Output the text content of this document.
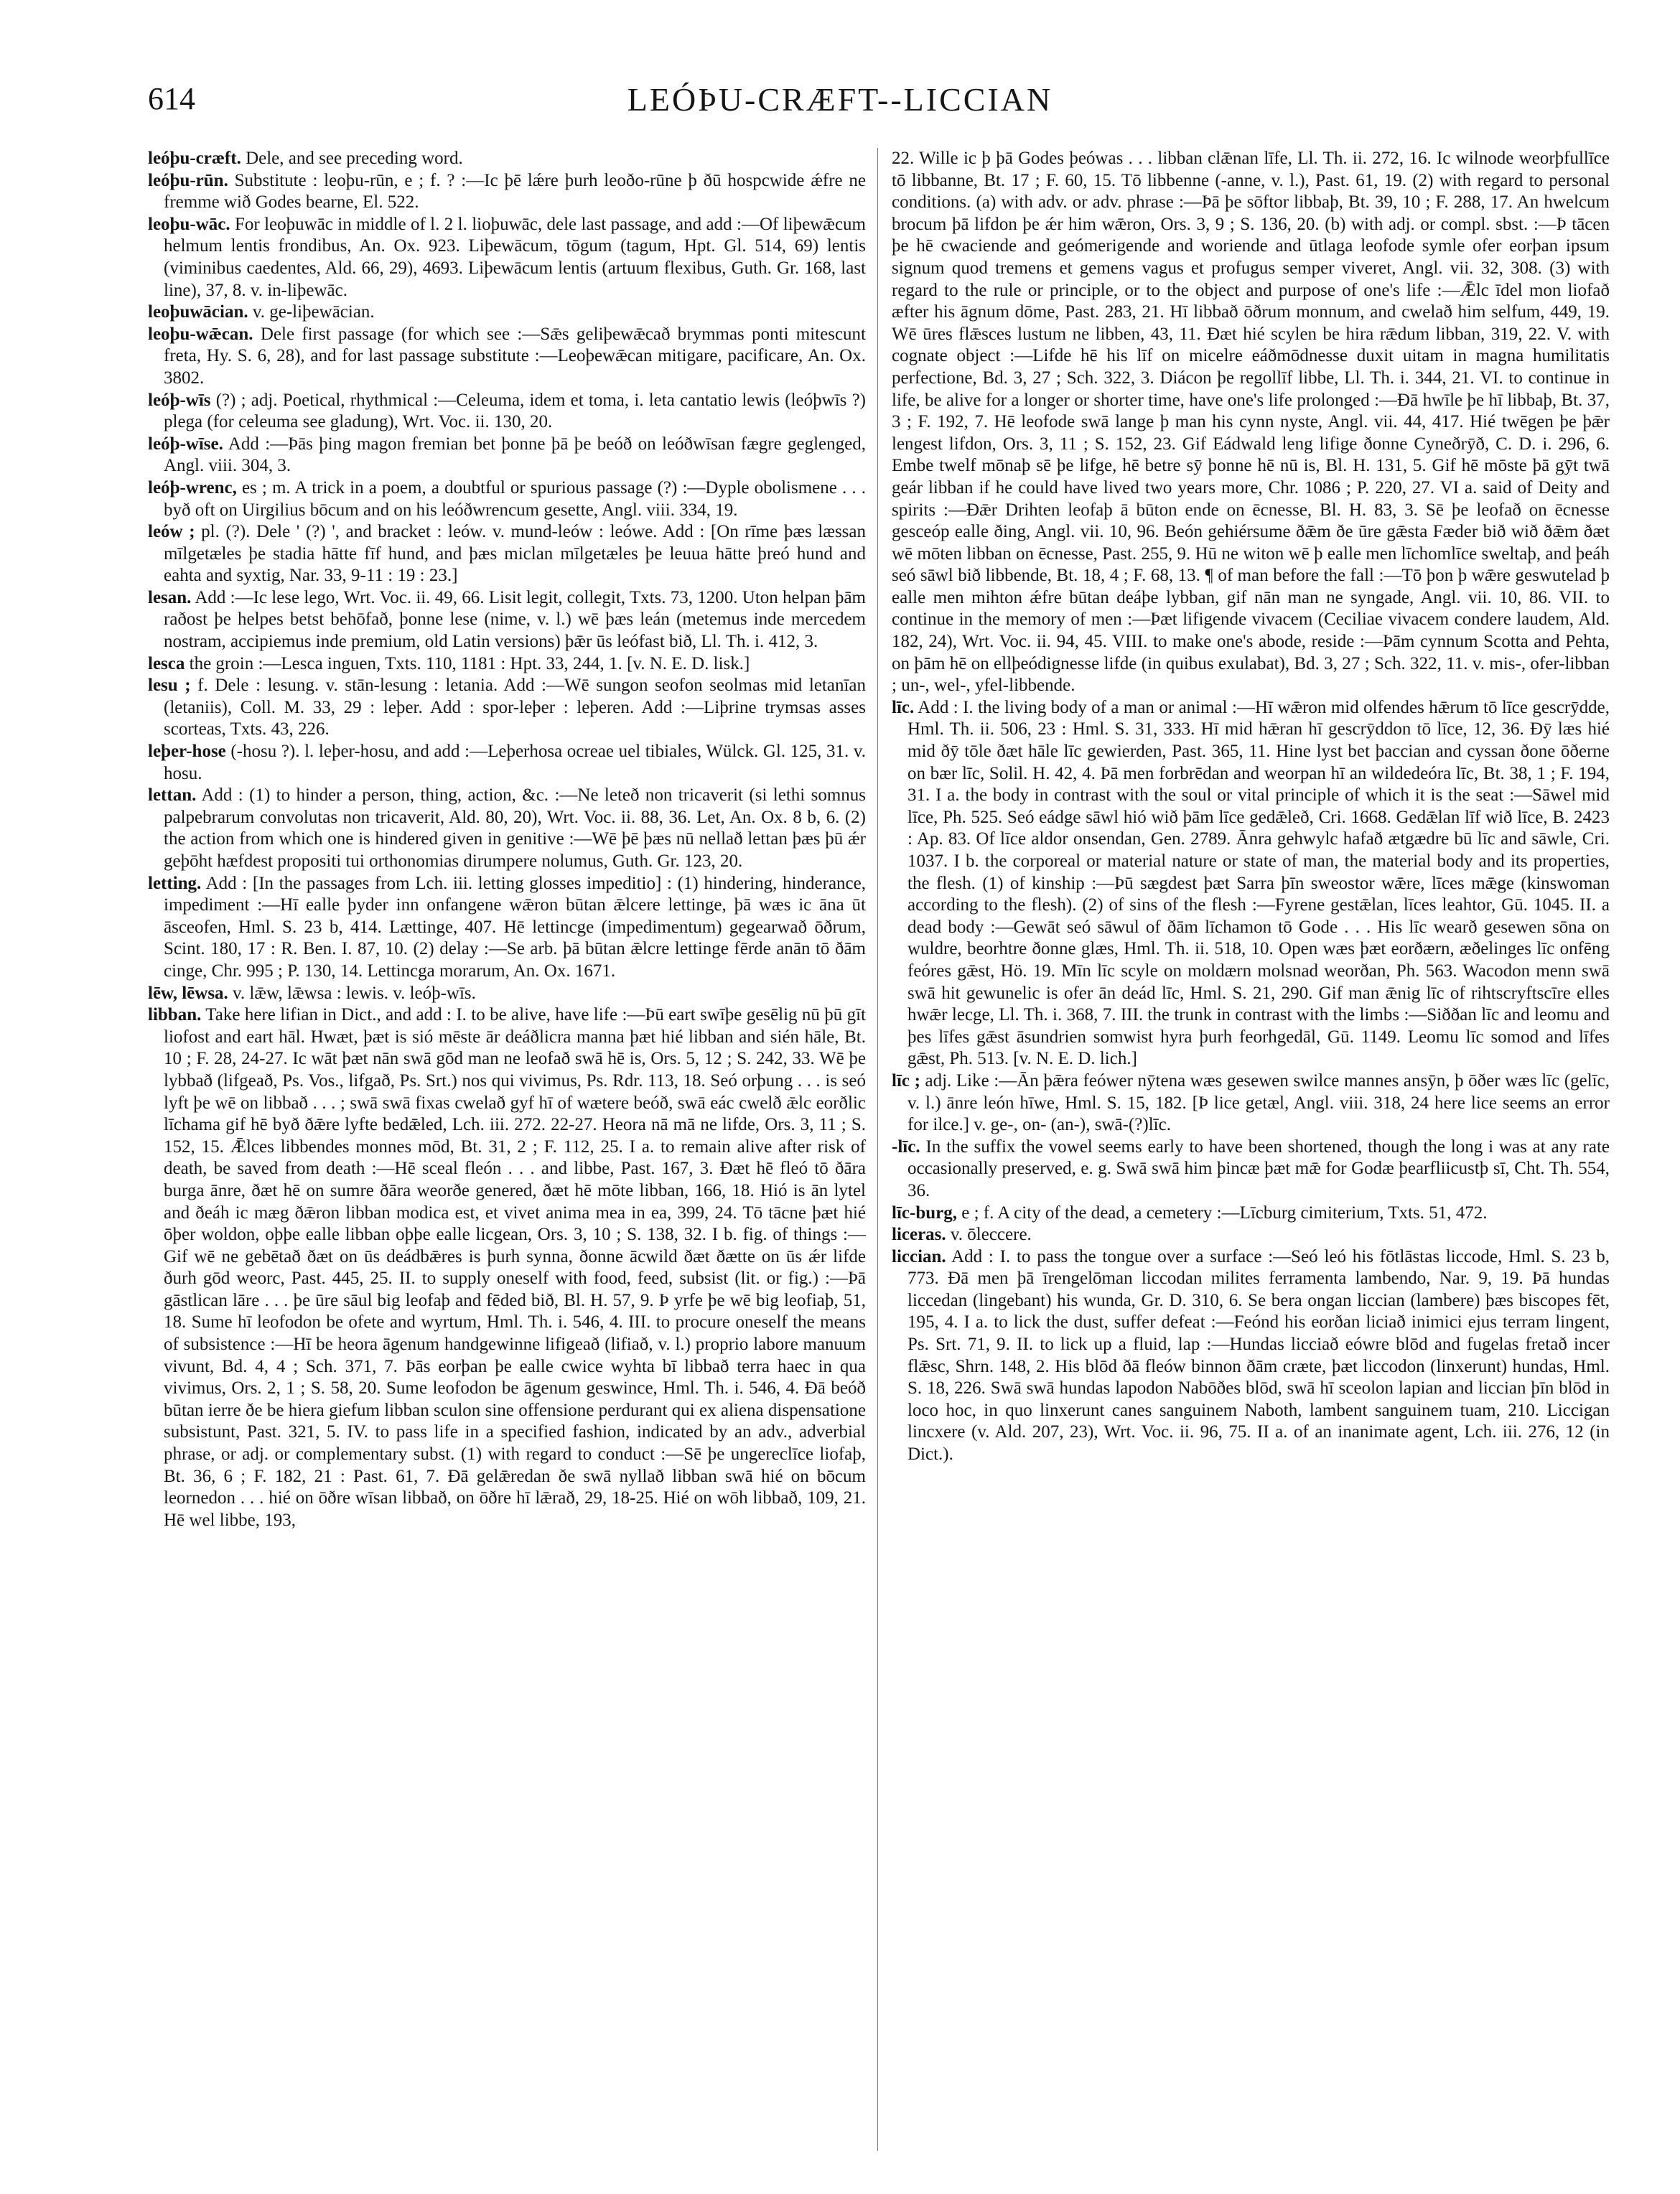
614	LEÓÞU-CRÆFT--LICCIAN

leóþu-cræft. Dele, and see preceding word.

leóþu-rūn. Substitute : leoþu-rūn, e ; f. ? :—Ic þē lǽre þurh leoðo-rūne þ ðū hospcwide ǽfre ne fremme wið Godes bearne, El. 522.

leoþu-wāc. For leoþuwāc in middle of l. 2 l. lioþuwāc, dele last passage, and add :—Of liþewǣcum helmum lentis frondibus, An. Ox. 923. Liþewācum, tōgum (tagum, Hpt. Gl. 514, 69) lentis (viminibus caedentes, Ald. 66, 29), 4693. Liþewācum lentis (artuum flexibus, Guth. Gr. 168, last line), 37, 8. v. in-liþewāc.

leoþuwācian. v. ge-liþewācian.

leoþu-wǣcan. Dele first passage (for which see :—Sǣs geliþewǣcað brymmas ponti mitescunt freta, Hy. S. 6, 28), and for last passage substitute :—Leoþewǣcan mitigare, pacificare, An. Ox. 3802.

leóþ-wīs (?) ; adj. Poetical, rhythmical :—Celeuma, idem et toma, i. leta cantatio lewis (leóþwīs ?) plega (for celeuma see gladung), Wrt. Voc. ii. 130, 20.

leóþ-wīse. Add :—Þās þing magon fremian bet þonne þā þe beóð on leóðwīsan fægre geglenged, Angl. viii. 304, 3.

leóþ-wrenc, es ; m. A trick in a poem, a doubtful or spurious passage (?) :—Dyple obolismene . . . byð oft on Uirgilius bōcum and on his leóðwrencum gesette, Angl. viii. 334, 19.

leów ; pl. (?). Dele ' (?) ', and bracket : leów. v. mund-leów : leówe. Add : [On rīme þæs læssan mīlgetæles þe stadia hātte fīf hund, and þæs miclan mīlgetæles þe leuua hātte þreó hund and eahta and syxtig, Nar. 33, 9-11 : 19 : 23.]

lesan. Add :—Ic lese lego, Wrt. Voc. ii. 49, 66. Lisit legit, collegit, Txts. 73, 1200. Uton helpan þām raðost þe helpes betst behōfað, þonne lese (nime, v. l.) wē þæs leán (metemus inde mercedem nostram, accipiemus inde premium, old Latin versions) þǣr ūs leófast bið, Ll. Th. i. 412, 3.

lesca the groin :—Lesca inguen, Txts. 110, 1181 : Hpt. 33, 244, 1. [v. N. E. D. lisk.]

lesu ; f. Dele : lesung. v. stān-lesung : letania. Add :—Wē sungon seofon seolmas mid letanīan (letaniis), Coll. M. 33, 29 : leþer. Add : spor-leþer : leþeren. Add :—Liþrine trymsas asses scorteas, Txts. 43, 226.

leþer-hose (-hosu ?). l. leþer-hosu, and add :—Leþerhosa ocreae uel tibiales, Wülck. Gl. 125, 31. v. hosu.

lettan. Add : (1) to hinder a person, thing, action, &c. :—Ne leteð non tricaverit (si lethi somnus palpebrarum convolutas non tricaverit, Ald. 80, 20), Wrt. Voc. ii. 88, 36. Let, An. Ox. 8 b, 6. (2) the action from which one is hindered given in genitive :—Wē þē þæs nū nellað lettan þæs þū ǽr geþōht hæfdest propositi tui orthonomias dirumpere nolumus, Guth. Gr. 123, 20.

letting. Add : [In the passages from Lch. iii. letting glosses impeditio] : (1) hindering, hinderance, impediment :—Hī ealle þyder inn onfangene wǣron būtan ǣlcere lettinge, þā wæs ic āna ūt āsceofen, Hml. S. 23 b, 414. Lættinge, 407. Hē lettincge (impedimentum) gegearwað ōðrum, Scint. 180, 17 : R. Ben. I. 87, 10. (2) delay :—Se arb. þā būtan ǣlcre lettinge fērde anān tō ðām cinge, Chr. 995 ; P. 130, 14. Lettincga morarum, An. Ox. 1671.

lēw, lēwsa. v. lǣw, lǣwsa : lewis. v. leóþ-wīs.

libban. Take here lifian in Dict., and add : I. to be alive, have life :—Þū eart swīþe gesēlig nū þū gīt liofost and eart hāl. Hwæt, þæt is sió mēste ār deáðlicra manna þæt hié libban and sién hāle, Bt. 10 ; F. 28, 24-27. Ic wāt þæt nān swā gōd man ne leofað swā hē is, Ors. 5, 12 ; S. 242, 33. Wē þe lybbað (lifgeað, Ps. Vos., lifgað, Ps. Srt.) nos qui vivimus, Ps. Rdr. 113, 18. Seó orþung . . . is seó lyft þe wē on libbað . . . ; swā swā fixas cwelað gyf hī of wætere beóð, swā eác cwelð ǣlc eorðlic līchama gif hē byð ðǣre lyfte bedǣled, Lch. iii. 272. 22-27. Heora nā mā ne lifde, Ors. 3, 11 ; S. 152, 15. Ǣlces libbendes monnes mōd, Bt. 31, 2 ; F. 112, 25. I a. to remain alive after risk of death, be saved from death :—Hē sceal fleón . . . and libbe, Past. 167, 3. Ðæt hē fleó tō ðāra burga ānre, ðæt hē on sumre ðāra weorðe genered, ðæt hē mōte libban, 166, 18. Hió is ān lytel and ðeáh ic mæg ðǣron libban modica est, et vivet anima mea in ea, 399, 24. Tō tācne þæt hié ōþer woldon, oþþe ealle libban oþþe ealle licgean, Ors. 3, 10 ; S. 138, 32. I b. fig. of things :—Gif wē ne gebētað ðæt on ūs deádbǣres is þurh synna, ðonne ācwild ðæt ðætte on ūs ǽr lifde ðurh gōd weorc, Past. 445, 25. II. to supply oneself with food, feed, subsist (lit. or fig.) :—Þā gāstlican lāre . . . þe ūre sāul big leofaþ and fēded bið, Bl. H. 57, 9. Þ yrfe þe wē big leofiaþ, 51, 18. Sume hī leofodon be ofete and wyrtum, Hml. Th. i. 546, 4. III. to procure oneself the means of subsistence :—Hī be heora āgenum handgewinne lifigeað (lifiað, v. l.) proprio labore manuum vivunt, Bd. 4, 4 ; Sch. 371, 7. Þās eorþan þe ealle cwice wyhta bī libbað terra haec in qua vivimus, Ors. 2, 1 ; S. 58, 20. Sume leofodon be āgenum geswince, Hml. Th. i. 546, 4. Ðā beóð būtan ierre ðe be hiera giefum libban sculon sine offensione perdurant qui ex aliena dispensatione subsistunt, Past. 321, 5. IV. to pass life in a specified fashion, indicated by an adv., adverbial phrase, or adj. or complementary subst. (1) with regard to conduct :—Sē þe ungereclīce liofaþ, Bt. 36, 6 ; F. 182, 21 : Past. 61, 7. Ðā gelǣredan ðe swā nyllað libban swā hié on bōcum leornedon . . . hié on ōðre wīsan libbað, on ōðre hī lǣrað, 29, 18-25. Hié on wōh libbað, 109, 21. Hē wel libbe, 193,

22. Wille ic þ þā Godes þeówas . . . libban clǣnan līfe, Ll. Th. ii. 272, 16. Ic wilnode weorþfullīce tō libbanne, Bt. 17 ; F. 60, 15. Tō libbenne (-anne, v. l.), Past. 61, 19. (2) with regard to personal conditions. (a) with adv. or adv. phrase :—Þā þe sōftor libbaþ, Bt. 39, 10 ; F. 288, 17. An hwelcum brocum þā lifdon þe ǽr him wǣron, Ors. 3, 9 ; S. 136, 20. (b) with adj. or compl. sbst. :—Þ tācen þe hē cwaciende and geómerigende and woriende and ūtlaga leofode symle ofer eorþan ipsum signum quod tremens et gemens vagus et profugus semper viveret, Angl. vii. 32, 308. (3) with regard to the rule or principle, or to the object and purpose of one's life :—Ǣlc īdel mon liofað æfter his āgnum dōme, Past. 283, 21. Hī libbað ōðrum monnum, and cwelað him selfum, 449, 19. Wē ūres flǣsces lustum ne libben, 43, 11. Ðæt hié scylen be hira rǣdum libban, 319, 22. V. with cognate object :—Lifde hē his līf on micelre eáðmōdnesse duxit uitam in magna humilitatis perfectione, Bd. 3, 27 ; Sch. 322, 3. Diácon þe regollīf libbe, Ll. Th. i. 344, 21. VI. to continue in life, be alive for a longer or shorter time, have one's life prolonged :—Ðā hwīle þe hī libbaþ, Bt. 37, 3 ; F. 192, 7. Hē leofode swā lange þ man his cynn nyste, Angl. vii. 44, 417. Hié twēgen þe þǣr lengest lifdon, Ors. 3, 11 ; S. 152, 23. Gif Eádwald leng lifige ðonne Cyneðrȳð, C. D. i. 296, 6. Embe twelf mōnaþ sē þe lifge, hē betre sȳ þonne hē nū is, Bl. H. 131, 5. Gif hē mōste þā gȳt twā geár libban if he could have lived two years more, Chr. 1086 ; P. 220, 27. VI a. said of Deity and spirits :—Ðǣr Drihten leofaþ ā būton ende on ēcnesse, Bl. H. 83, 3. Sē þe leofað on ēcnesse gesceóp ealle ðing, Angl. vii. 10, 96. Beón gehiérsume ðǣm ðe ūre gǣsta Fæder bið wið ðǣm ðæt wē mōten libban on ēcnesse, Past. 255, 9. Hū ne witon wē þ ealle men līchomlīce sweltaþ, and þeáh seó sāwl bið libbende, Bt. 18, 4 ; F. 68, 13. ¶ of man before the fall :—Tō þon þ wǣre geswutelad þ ealle men mihton ǽfre būtan deáþe lybban, gif nān man ne syngade, Angl. vii. 10, 86. VII. to continue in the memory of men :—Þæt lifigende vivacem (Ceciliae vivacem condere laudem, Ald. 182, 24), Wrt. Voc. ii. 94, 45. VIII. to make one's abode, reside :—Þām cynnum Scotta and Pehta, on þām hē on ellþeódignesse lifde (in quibus exulabat), Bd. 3, 27 ; Sch. 322, 11. v. mis-, ofer-libban ; un-, wel-, yfel-libbende.

līc. Add : I. the living body of a man or animal :—Hī wǣron mid olfendes hǣrum tō līce gescrȳdde, Hml. Th. ii. 506, 23 : Hml. S. 31, 333. Hī mid hǣran hī gescrȳddon tō līce, 12, 36. Ðȳ læs hié mid ðȳ tōle ðæt hāle līc gewierden, Past. 365, 11. Hine lyst bet þaccian and cyssan ðone ōðerne on bær līc, Solil. H. 42, 4. Þā men forbrēdan and weorpan hī an wildedeóra līc, Bt. 38, 1 ; F. 194, 31. I a. the body in contrast with the soul or vital principle of which it is the seat :—Sāwel mid līce, Ph. 525. Seó eádge sāwl hió wið þām līce gedǣleð, Cri. 1668. Gedǣlan līf wið līce, B. 2423 : Ap. 83. Of līce aldor onsendan, Gen. 2789. Ānra gehwylc hafað ætgædre bū līc and sāwle, Cri. 1037. I b. the corporeal or material nature or state of man, the material body and its properties, the flesh. (1) of kinship :—Þū sægdest þæt Sarra þīn sweostor wǣre, līces mǣge (kinswoman according to the flesh). (2) of sins of the flesh :—Fyrene gestǣlan, līces leahtor, Gū. 1045. II. a dead body :—Gewāt seó sāwul of ðām līchamon tō Gode . . . His līc wearð gesewen sōna on wuldre, beorhtre ðonne glæs, Hml. Th. ii. 518, 10. Open wæs þæt eorðærn, æðelinges līc onfēng feóres gǣst, Hö. 19. Mīn līc scyle on moldærn molsnad weorðan, Ph. 563. Wacodon menn swā swā hit gewunelic is ofer ān deád līc, Hml. S. 21, 290. Gif man ǣnig līc of rihtscryftscīre elles hwǣr lecge, Ll. Th. i. 368, 7. III. the trunk in contrast with the limbs :—Siððan līc and leomu and þes līfes gǣst āsundrien somwist hyra þurh feorhgedāl, Gū. 1149. Leomu līc somod and līfes gǣst, Ph. 513. [v. N. E. D. lich.]

līc ; adj. Like :—Ān þǣra feówer nȳtena wæs gesewen swilce mannes ansȳn, þ ōðer wæs līc (gelīc, v. l.) ānre león hīwe, Hml. S. 15, 182. [Þ lice getæl, Angl. viii. 318, 24 here lice seems an error for ilce.] v. ge-, on- (an-), swā-(?)līc.

-līc. In the suffix the vowel seems early to have been shortened, though the long i was at any rate occasionally preserved, e. g. Swā swā him þincæ þæt mǣ for Godæ þearfliicustþ sī, Cht. Th. 554, 36.

līc-burg, e ; f. A city of the dead, a cemetery :—Līcburg cimiterium, Txts. 51, 472.

liceras. v. ōleccere.

liccian. Add : I. to pass the tongue over a surface :—Seó leó his fōtlāstas liccode, Hml. S. 23 b, 773. Ðā men þā īrengelōman liccodan milites ferramenta lambendo, Nar. 9, 19. Þā hundas liccedan (lingebant) his wunda, Gr. D. 310, 6. Se bera ongan liccian (lambere) þæs biscopes fēt, 195, 4. I a. to lick the dust, suffer defeat :—Feónd his eorðan liciað inimici ejus terram lingent, Ps. Srt. 71, 9. II. to lick up a fluid, lap :—Hundas licciað eówre blōd and fugelas fretað incer flǣsc, Shrn. 148, 2. His blōd ðā fleów binnon ðām cræte, þæt liccodon (linxerunt) hundas, Hml. S. 18, 226. Swā swā hundas lapodon Nabōðes blōd, swā hī sceolon lapian and liccian þīn blōd in loco hoc, in quo linxerunt canes sanguinem Naboth, lambent sanguinem tuam, 210. Liccigan lincxere (v. Ald. 207, 23), Wrt. Voc. ii. 96, 75. II a. of an inanimate agent, Lch. iii. 276, 12 (in Dict.).
